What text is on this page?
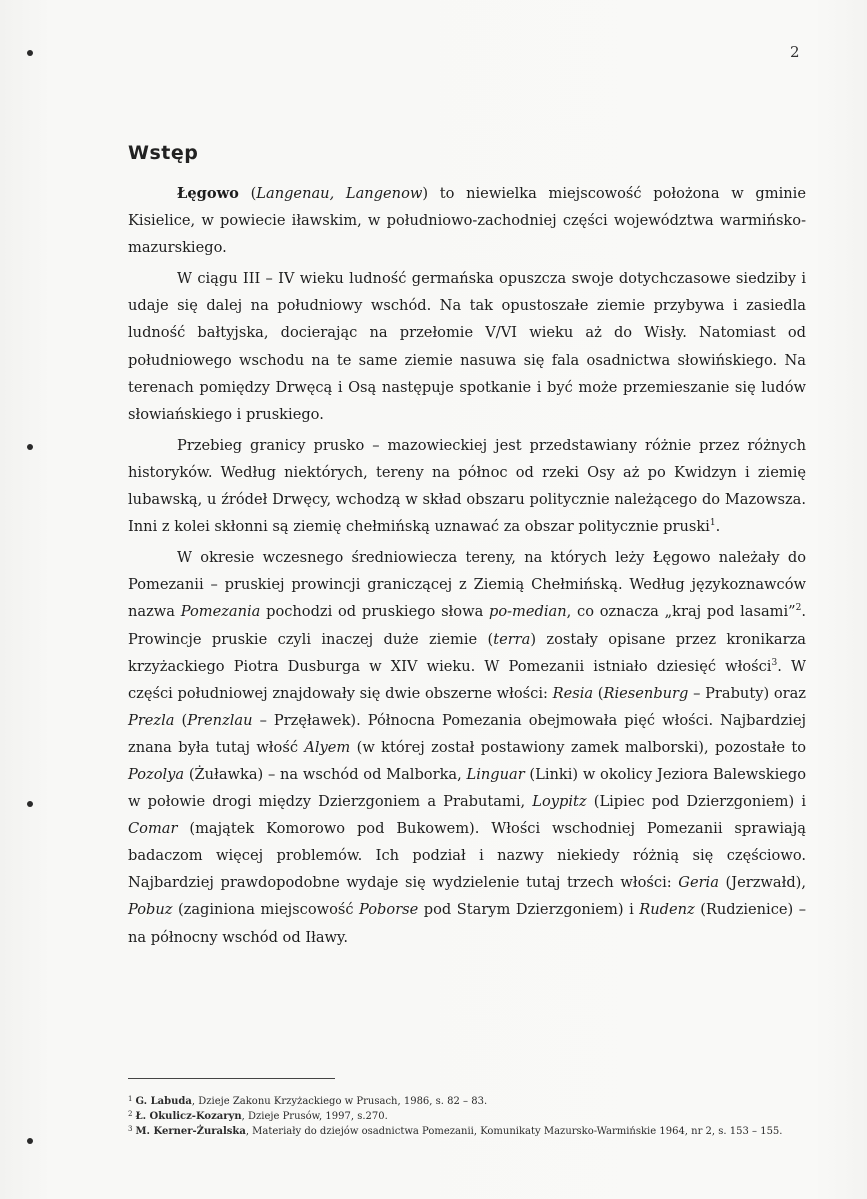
2
Wstęp

Łęgowo (Langenau, Langenow) to niewielka miejscowość położona w gminie Kisielice, w powiecie iławskim, w południowo-zachodniej części województwa warmińsko-mazurskiego.

W ciągu III – IV wieku ludność germańska opuszcza swoje dotychczasowe siedziby i udaje się dalej na południowy wschód. Na tak opustoszałe ziemie przybywa i zasiedla ludność bałtyjska, docierając na przełomie V/VI wieku aż do Wisły. Natomiast od południowego wschodu na te same ziemie nasuwa się fala osadnictwa słowińskiego. Na terenach pomiędzy Drwęcą i Osą następuje spotkanie i być może przemieszanie się ludów słowiańskiego i pruskiego.

Przebieg granicy prusko – mazowieckiej jest przedstawiany różnie przez różnych historyków. Według niektórych, tereny na północ od rzeki Osy aż po Kwidzyn i ziemię lubawską, u źródeł Drwęcy, wchodzą w skład obszaru politycznie należącego do Mazowsza. Inni z kolei skłonni są ziemię chełmińską uznawać za obszar politycznie pruski$^1$.

W okresie wczesnego średniowiecza tereny, na których leży Łęgowo należały do Pomezanii – pruskiej prowincji graniczącej z Ziemią Chełmińską. Według językoznawców nazwa Pomezania pochodzi od pruskiego słowa po-median, co oznacza „kraj pod lasami”$^2$. Prowincje pruskie czyli inaczej duże ziemie (terra) zostały opisane przez kronikarza krzyżackiego Piotra Dusburga w XIV wieku. W Pomezanii istniało dziesięć włości$^3$. W części południowej znajdowały się dwie obszerne włości: Resia (Riesenburg – Prabuty) oraz Prezla (Prenzlau – Przęławek). Północna Pomezania obejmowała pięć włości. Najbardziej znana była tutaj włość Alyem (w której został postawiony zamek malborski), pozostałe to Pozolya (Żuławka) – na wschód od Malborka, Linguar (Linki) w okolicy Jeziora Balewskiego w połowie drogi między Dzierzgoniem a Prabutami, Loypitz (Lipiec pod Dzierzgoniem) i Comar (majątek Komorowo pod Bukowem). Włości wschodniej Pomezanii sprawiają badaczom więcej problemów. Ich podział i nazwy niekiedy różnią się częściowo. Najbardziej prawdopodobne wydaje się wydzielenie tutaj trzech włości: Geria (Jerzwałd), Pobuz (zaginiona miejscowość Poborse pod Starym Dzierzgoniem) i Rudenz (Rudzienice) – na północny wschód od Iławy.

$^1$ G. Labuda, Dzieje Zakonu Krzyżackiego w Prusach, 1986, s. 82 – 83.

$^2$ Ł. Okulicz-Kozaryn, Dzieje Prusów, 1997, s.270.

$^3$ M. Kerner-Żuralska, Materiały do dziejów osadnictwa Pomezanii, Komunikaty Mazursko-Warmińskie 1964, nr 2, s. 153 – 155.
